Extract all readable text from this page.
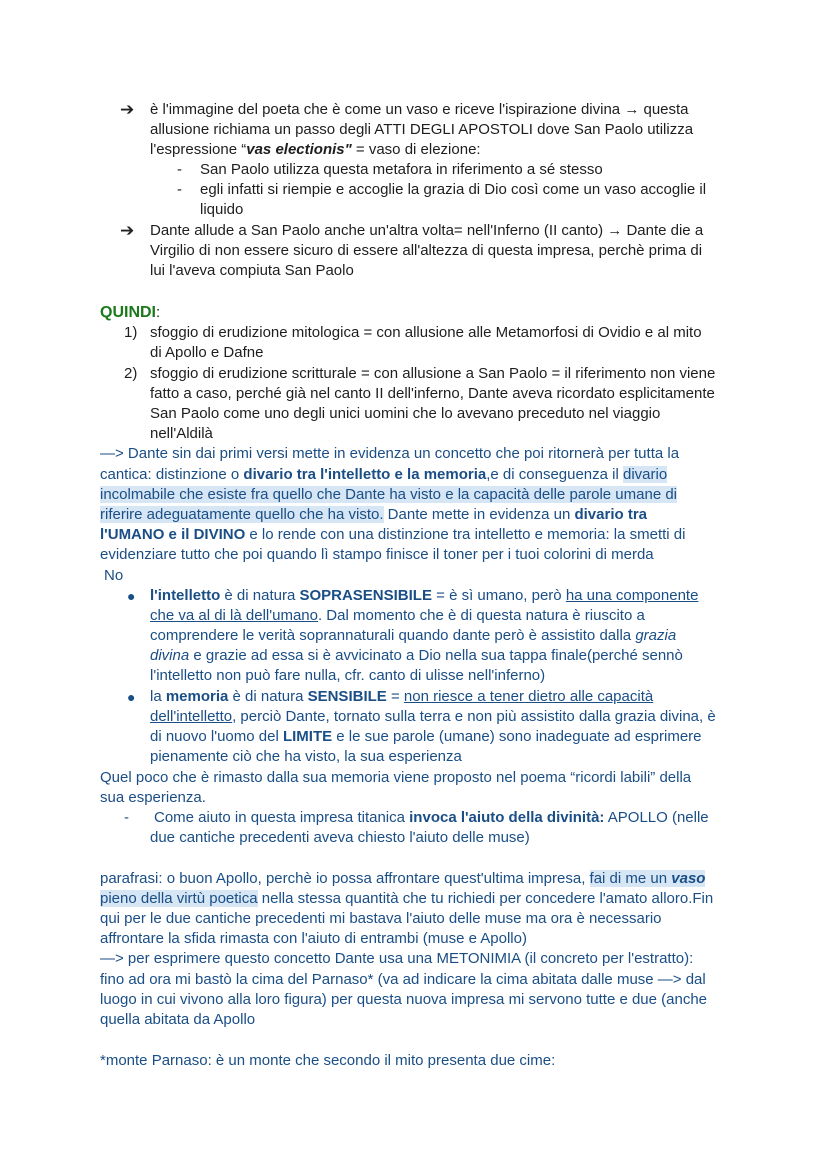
➔ è l'immagine del poeta che è come un vaso e riceve l'ispirazione divina → questa
allusione richiama un passo degli ATTI DEGLI APOSTOLI dove San Paolo utilizza
l'espressione “vas electionis" = vaso di elezione:
- San Paolo utilizza questa metafora in riferimento a sé stesso
- egli infatti si riempie e accoglie la grazia di Dio così come un vaso accoglie il
liquido
➔ Dante allude a San Paolo anche un'altra volta= nell'Inferno (II canto) → Dante die a
Virgilio di non essere sicuro di essere all'altezza di questa impresa, perchè prima di
lui l'aveva compiuta San Paolo
QUINDI:
1) sfoggio di erudizione mitologica = con allusione alle Metamorfosi di Ovidio e al mito
di Apollo e Dafne
2) sfoggio di erudizione scritturale = con allusione a San Paolo = il riferimento non viene
fatto a caso, perché già nel canto II dell'inferno, Dante aveva ricordato esplicitamente
San Paolo come uno degli unici uomini che lo avevano preceduto nel viaggio
nell'Aldilà
—> Dante sin dai primi versi mette in evidenza un concetto che poi ritornerà per tutta la
cantica: distinzione o divario tra l'intelletto e la memoria,e di conseguenza il divario
incolmabile che esiste fra quello che Dante ha visto e la capacità delle parole umane di
riferire adeguatamente quello che ha visto. Dante mette in evidenza un divario tra
l'UMANO e il DIVINO e lo rende con una distinzione tra intelletto e memoria: la smetti di
evidenziare tutto che poi quando lì stampo finisce il toner per i tuoi colorini di merda
No
● l'intelletto è di natura SOPRASENSIBILE = è sì umano, però ha una componente
che va al di là dell'umano. Dal momento che è di questa natura è riuscito a
comprendere le verità soprannaturali quando dante però è assistito dalla grazia
divina e grazie ad essa si è avvicinato a Dio nella sua tappa finale(perché sennò
l'intelletto non può fare nulla, cfr. canto di ulisse nell'inferno)
● la memoria è di natura SENSIBILE = non riesce a tener dietro alle capacità
dell'intelletto, perciò Dante, tornato sulla terra e non più assistito dalla grazia divina, è
di nuovo l'uomo del LIMITE e le sue parole (umane) sono inadeguate ad esprimere
pienamente ciò che ha visto, la sua esperienza
Quel poco che è rimasto dalla sua memoria viene proposto nel poema “ricordi labili” della
sua esperienza.
- Come aiuto in questa impresa titanica invoca l'aiuto della divinità: APOLLO (nelle
due cantiche precedenti aveva chiesto l'aiuto delle muse)
parafrasi: o buon Apollo, perchè io possa affrontare quest'ultima impresa, fai di me un vaso
pieno della virtù poetica nella stessa quantità che tu richiedi per concedere l'amato alloro.Fin
qui per le due cantiche precedenti mi bastava l'aiuto delle muse ma ora è necessario
affrontare la sfida rimasta con l'aiuto di entrambi (muse e Apollo)
—> per esprimere questo concetto Dante usa una METONIMIA (il concreto per l'estratto):
fino ad ora mi bastò la cima del Parnaso* (va ad indicare la cima abitata dalle muse —> dal
luogo in cui vivono alla loro figura) per questa nuova impresa mi servono tutte e due (anche
quella abitata da Apollo
*monte Parnaso: è un monte che secondo il mito presenta due cime:
